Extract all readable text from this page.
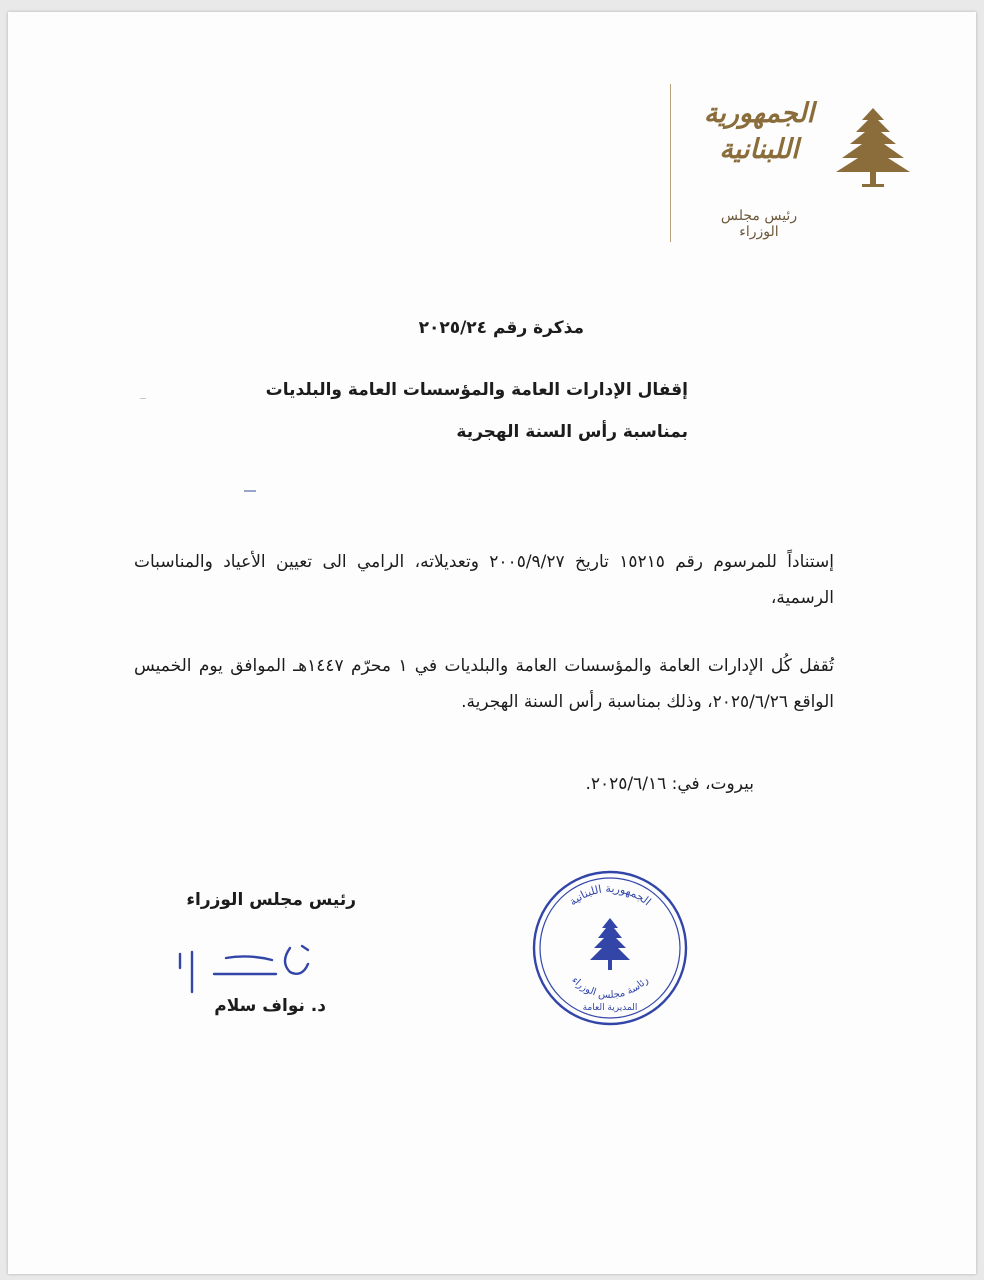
الجمهورية
اللبنانية
رئيس مجلس الوزراء
مذكرة رقم ٢٠٢٥/٢٤
إقفال الإدارات العامة والمؤسسات العامة والبلديات
بمناسبة رأس السنة الهجرية
إستناداً للمرسوم رقم ١٥٢١٥ تاريخ ٢٠٠٥/٩/٢٧ وتعديلاته، الرامي الى تعيين الأعياد والمناسبات الرسمية،
تُقفل كُل الإدارات العامة والمؤسسات العامة والبلديات في ١ محرّم ١٤٤٧هـ الموافق يوم الخميس الواقع ٢٠٢٥/٦/٢٦، وذلك بمناسبة رأس السنة الهجرية.
بيروت، في: ٢٠٢٥/٦/١٦.
رئيس مجلس الوزراء
د. نواف سلام
الجمهورية اللبنانية
رئاسة مجلس الوزراء
المديرية العامة
